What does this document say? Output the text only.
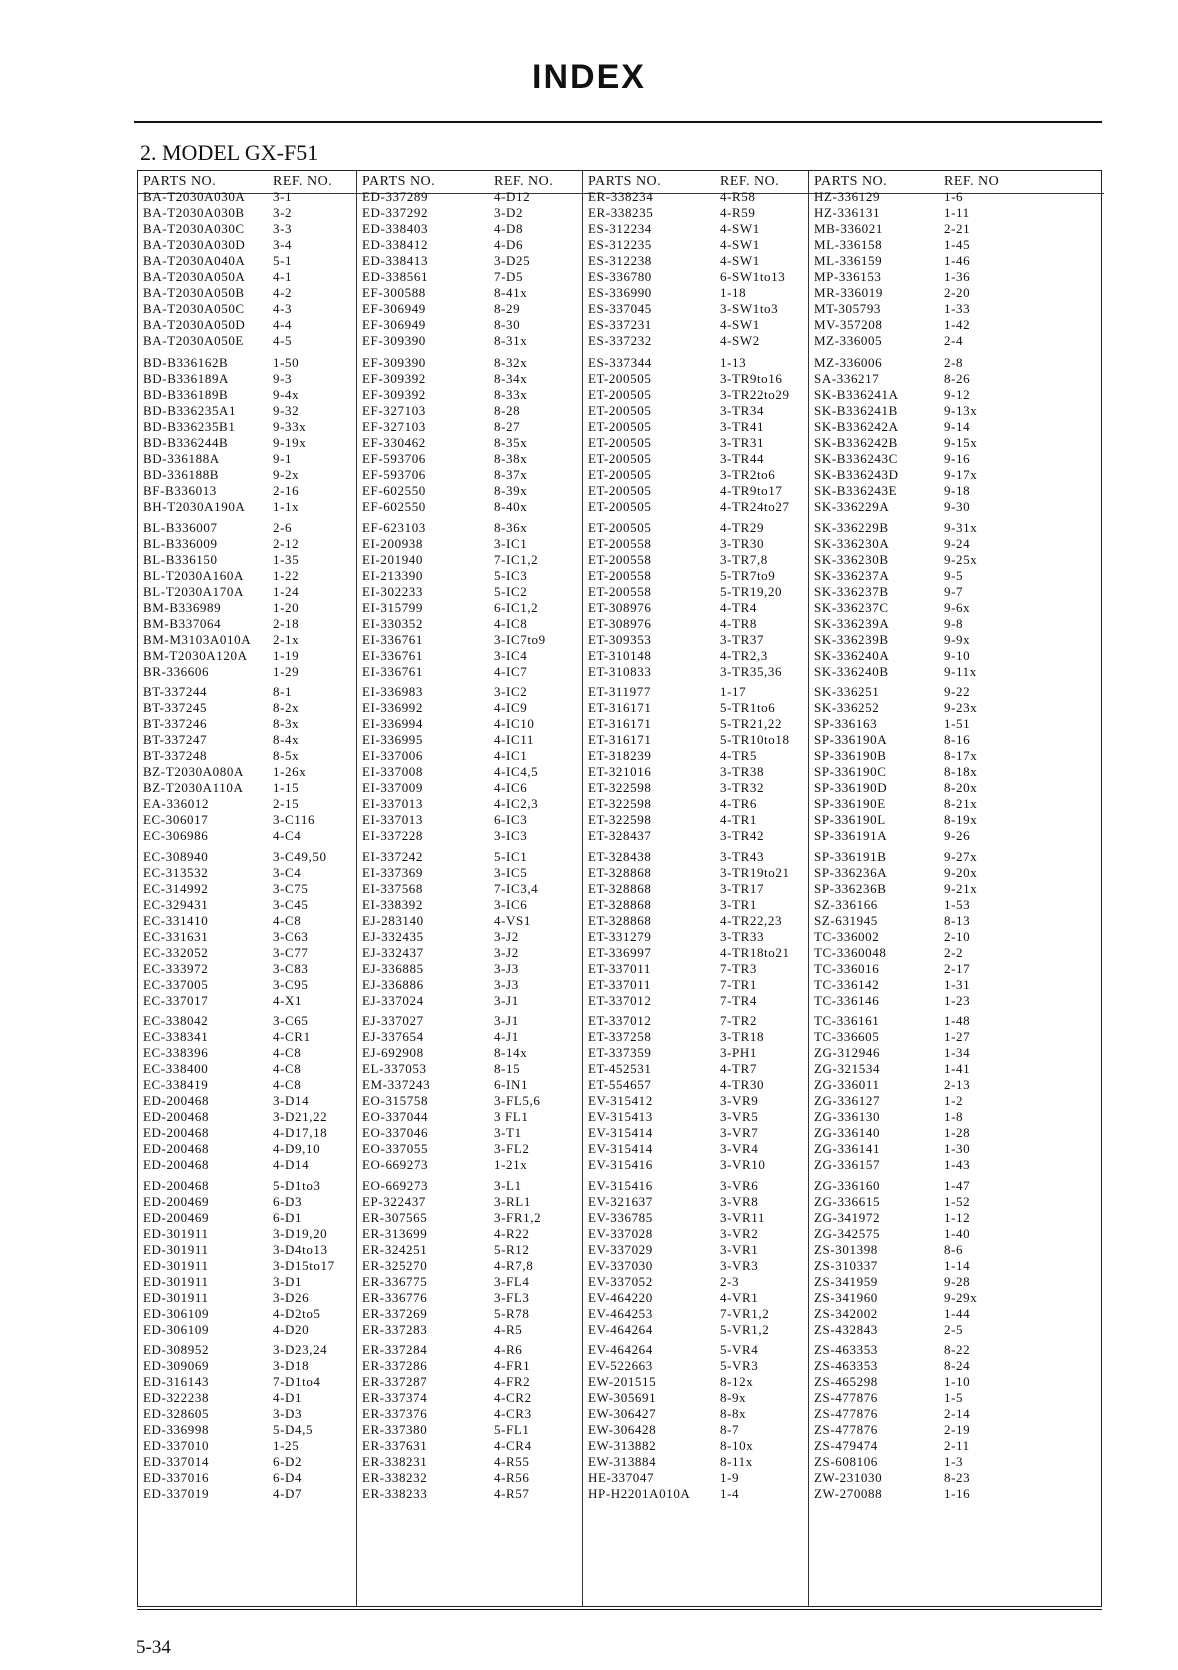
INDEX
2. MODEL GX-F51
PARTS NO.	REF. NO.
BA-T2030A030A 3-1
BA-T2030A030B 3-2
BA-T2030A030C 3-3
BA-T2030A030D 3-4
BA-T2030A040A 5-1
BA-T2030A050A 4-1
BA-T2030A050B 4-2
BA-T2030A050C 4-3
BA-T2030A050D 4-4
BA-T2030A050E 4-5
BD-B336162B	1-50
BD-B336189A	9-3
BD-B336189B	9-4x
BD-B336235A1	9-32
BD-B336235B1	9-33x
BD-B336244B	9-19x
BD-336188A	9-1
BD-336188B	9-2x
BF-B336013	2-16
BH-T2030A190A 1-1x
BL-B336007	2-6
BL-B336009	2-12
BL-B336150	1-35
BL-T2030A160A 1-22
BL-T2030A170A 1-24
BM-B336989	1-20
BM-B337064	2-18
BM-M3103A010A 2-1x
BM-T2030A120A 1-19
BR-336606	1-29
BT-337244	8-1
BT-337245	8-2x
BT-337246	8-3x
BT-337247	8-4x
BT-337248	8-5x
BZ-T2030A080A 1-26x
BZ-T2030A110A 1-15
EA-336012	2-15
EC-306017	3-C116
EC-306986	4-C4
EC-308940	3-C49,50
EC-313532	3-C4
EC-314992	3-C75
EC-329431	3-C45
EC-331410	4-C8
EC-331631	3-C63
EC-332052	3-C77
EC-333972	3-C83
EC-337005	3-C95
EC-337017	4-X1
EC-338042	3-C65
EC-338341	4-CR1
EC-338396	4-C8
EC-338400	4-C8
EC-338419	4-C8
ED-200468	3-D14
ED-200468	3-D21,22
ED-200468	4-D17,18
ED-200468	4-D9,10
ED-200468	4-D14
ED-200468	5-D1to3
ED-200469	6-D3
ED-200469	6-D1
ED-301911	3-D19,20
ED-301911	3-D4to13
ED-301911	3-D15to17
ED-301911	3-D1
ED-301911	3-D26
ED-306109	4-D2to5
ED-306109	4-D20
ED-308952	3-D23,24
ED-309069	3-D18
ED-316143	7-D1to4
ED-322238	4-D1
ED-328605	3-D3
ED-336998	5-D4,5
ED-337010	1-25
ED-337014	6-D2
ED-337016	6-D4
ED-337019	4-D7
PARTS NO.	REF. NO.
ED-337289	4-D12
ED-337292	3-D2
ED-338403	4-D8
ED-338412	4-D6
ED-338413	3-D25
ED-338561	7-D5
EF-300588	8-41x
EF-306949	8-29
EF-306949	8-30
EF-309390	8-31x
EF-309390	8-32x
EF-309392	8-34x
EF-309392	8-33x
EF-327103	8-28
EF-327103	8-27
EF-330462	8-35x
EF-593706	8-38x
EF-593706	8-37x
EF-602550	8-39x
EF-602550	8-40x
EF-623103	8-36x
EI-200938	3-IC1
EI-201940	7-IC1,2
EI-213390	5-IC3
EI-302233	5-IC2
EI-315799	6-IC1,2
EI-330352	4-IC8
EI-336761	3-IC7to9
EI-336761	3-IC4
EI-336761	4-IC7
EI-336983	3-IC2
EI-336992	4-IC9
EI-336994	4-IC10
EI-336995	4-IC11
EI-337006	4-IC1
EI-337008	4-IC4,5
EI-337009	4-IC6
EI-337013	4-IC2,3
EI-337013	6-IC3
EI-337228	3-IC3
EI-337242	5-IC1
EI-337369	3-IC5
EI-337568	7-IC3,4
EI-338392	3-IC6
EJ-283140	4-VS1
EJ-332435	3-J2
EJ-332437	3-J2
EJ-336885	3-J3
EJ-336886	3-J3
EJ-337024	3-J1
EJ-337027	3-J1
EJ-337654	4-J1
EJ-692908	8-14x
EL-337053	8-15
EM-337243	6-IN1
EO-315758	3-FL5,6
EO-337044	3 FL1
EO-337046	3-T1
EO-337055	3-FL2
EO-669273	1-21x
EO-669273	3-L1
EP-322437	3-RL1
ER-307565	3-FR1,2
ER-313699	4-R22
ER-324251	5-R12
ER-325270	4-R7,8
ER-336775	3-FL4
ER-336776	3-FL3
ER-337269	5-R78
ER-337283	4-R5
ER-337284	4-R6
ER-337286	4-FR1
ER-337287	4-FR2
ER-337374	4-CR2
ER-337376	4-CR3
ER-337380	5-FL1
ER-337631	4-CR4
ER-338231	4-R55
ER-338232	4-R56
ER-338233	4-R57
PARTS NO.	REF. NO.
ER-338234	4-R58
ER-338235	4-R59
ES-312234	4-SW1
ES-312235	4-SW1
ES-312238	4-SW1
ES-336780	6-SW1to13
ES-336990	1-18
ES-337045	3-SW1to3
ES-337231	4-SW1
ES-337232	4-SW2
ES-337344	1-13
ET-200505	3-TR9to16
ET-200505	3-TR22to29
ET-200505	3-TR34
ET-200505	3-TR41
ET-200505	3-TR31
ET-200505	3-TR44
ET-200505	3-TR2to6
ET-200505	4-TR9to17
ET-200505	4-TR24to27
ET-200505	4-TR29
ET-200558	3-TR30
ET-200558	3-TR7,8
ET-200558	5-TR7to9
ET-200558	5-TR19,20
ET-308976	4-TR4
ET-308976	4-TR8
ET-309353	3-TR37
ET-310148	4-TR2,3
ET-310833	3-TR35,36
ET-311977	1-17
ET-316171	5-TR1to6
ET-316171	5-TR21,22
ET-316171	5-TR10to18
ET-318239	4-TR5
ET-321016	3-TR38
ET-322598	3-TR32
ET-322598	4-TR6
ET-322598	4-TR1
ET-328437	3-TR42
ET-328438	3-TR43
ET-328868	3-TR19to21
ET-328868	3-TR17
ET-328868	3-TR1
ET-328868	4-TR22,23
ET-331279	3-TR33
ET-336997	4-TR18to21
ET-337011	7-TR3
ET-337011	7-TR1
ET-337012	7-TR4
ET-337012	7-TR2
ET-337258	3-TR18
ET-337359	3-PH1
ET-452531	4-TR7
ET-554657	4-TR30
EV-315412	3-VR9
EV-315413	3-VR5
EV-315414	3-VR7
EV-315414	3-VR4
EV-315416	3-VR10
EV-315416	3-VR6
EV-321637	3-VR8
EV-336785	3-VR11
EV-337028	3-VR2
EV-337029	3-VR1
EV-337030	3-VR3
EV-337052	2-3
EV-464220	4-VR1
EV-464253	7-VR1,2
EV-464264	5-VR1,2
EV-464264	5-VR4
EV-522663	5-VR3
EW-201515	8-12x
EW-305691	8-9x
EW-306427	8-8x
EW-306428	8-7
EW-313882	8-10x
EW-313884	8-11x
HE-337047	1-9
HP-H2201A010A 1-4
PARTS NO.	REF. NO
HZ-336129	1-6
HZ-336131	1-11
MB-336021	2-21
ML-336158	1-45
ML-336159	1-46
MP-336153	1-36
MR-336019	2-20
MT-305793	1-33
MV-357208	1-42
MZ-336005	2-4
MZ-336006	2-8
SA-336217	8-26
SK-B336241A	9-12
SK-B336241B	9-13x
SK-B336242A	9-14
SK-B336242B	9-15x
SK-B336243C	9-16
SK-B336243D	9-17x
SK-B336243E	9-18
SK-336229A	9-30
SK-336229B	9-31x
SK-336230A	9-24
SK-336230B	9-25x
SK-336237A	9-5
SK-336237B	9-7
SK-336237C	9-6x
SK-336239A	9-8
SK-336239B	9-9x
SK-336240A	9-10
SK-336240B	9-11x
SK-336251	9-22
SK-336252	9-23x
SP-336163	1-51
SP-336190A	8-16
SP-336190B	8-17x
SP-336190C	8-18x
SP-336190D	8-20x
SP-336190E	8-21x
SP-336190L	8-19x
SP-336191A	9-26
SP-336191B	9-27x
SP-336236A	9-20x
SP-336236B	9-21x
SZ-336166	1-53
SZ-631945	8-13
TC-336002	2-10
TC-3360048	2-2
TC-336016	2-17
TC-336142	1-31
TC-336146	1-23
TC-336161	1-48
TC-336605	1-27
ZG-312946	1-34
ZG-321534	1-41
ZG-336011	2-13
ZG-336127	1-2
ZG-336130	1-8
ZG-336140	1-28
ZG-336141	1-30
ZG-336157	1-43
ZG-336160	1-47
ZG-336615	1-52
ZG-341972	1-12
ZG-342575	1-40
ZS-301398	8-6
ZS-310337	1-14
ZS-341959	9-28
ZS-341960	9-29x
ZS-342002	1-44
ZS-432843	2-5
ZS-463353	8-22
ZS-463353	8-24
ZS-465298	1-10
ZS-477876	1-5
ZS-477876	2-14
ZS-477876	2-19
ZS-479474	2-11
ZS-608106	1-3
ZW-231030	8-23
ZW-270088	1-16
5-34
